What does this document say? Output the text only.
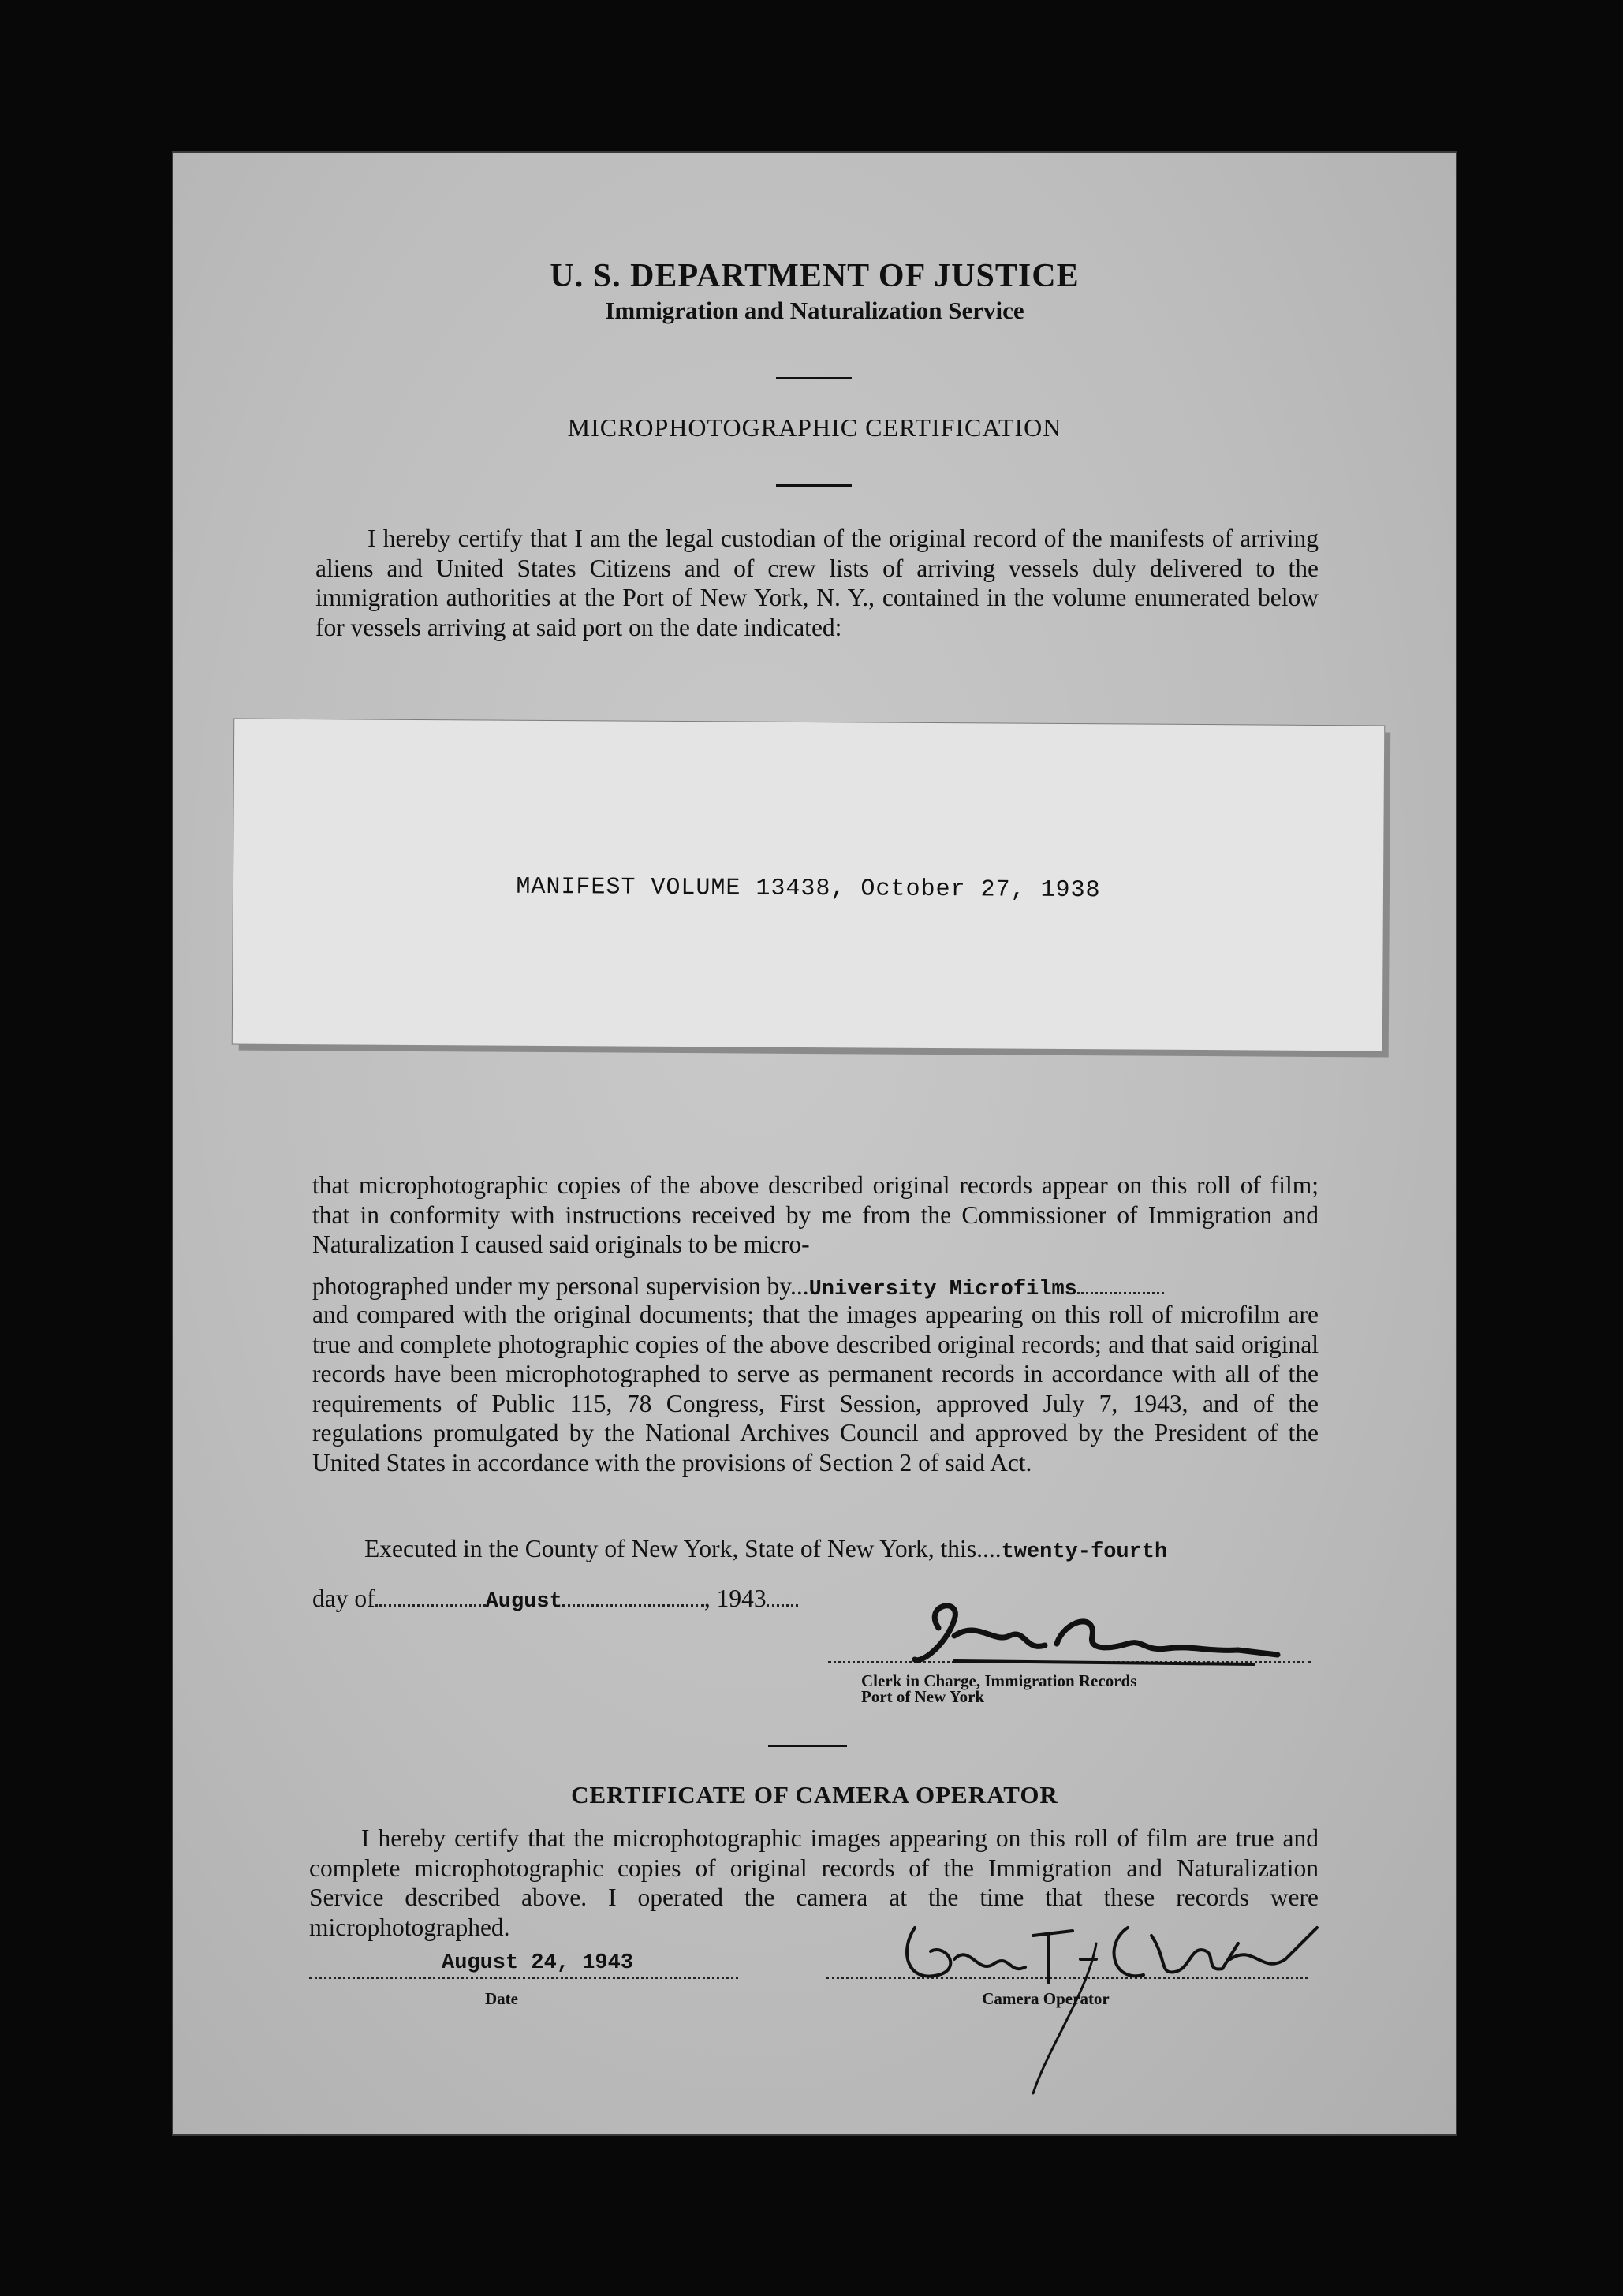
U. S. DEPARTMENT OF JUSTICE
Immigration and Naturalization Service
MICROPHOTOGRAPHIC CERTIFICATION
I hereby certify that I am the legal custodian of the original record of the manifests of arriving aliens and United States Citizens and of crew lists of arriving vessels duly delivered to the immigration authorities at the Port of New York, N. Y., contained in the volume enumerated below for vessels arriving at said port on the date indicated:
MANIFEST VOLUME 13438, October 27, 1938
that microphotographic copies of the above described original records appear on this roll of film; that in conformity with instructions received by me from the Commissioner of Immigration and Naturalization I caused said originals to be micro-
photographed under my personal supervision by...University Microfilms
and compared with the original documents; that the images appearing on this roll of microfilm are true and complete photographic copies of the above described original records; and that said original records have been microphotographed to serve as permanent records in accordance with all of the requirements of Public 115, 78 Congress, First Session, approved July 7, 1943, and of the regulations promulgated by the National Archives Council and approved by the President of the United States in accordance with the provisions of Section 2 of said Act.
Executed in the County of New York, State of New York, this....twenty-fourth
day of	August	, 1943
Clerk in Charge, Immigration Records
Port of New York
CERTIFICATE OF CAMERA OPERATOR
I hereby certify that the microphotographic images appearing on this roll of film are true and complete microphotographic copies of original records of the Immigration and Naturalization Service described above. I operated the camera at the time that these records were microphotographed.
August 24, 1943
Date	Camera Operator
